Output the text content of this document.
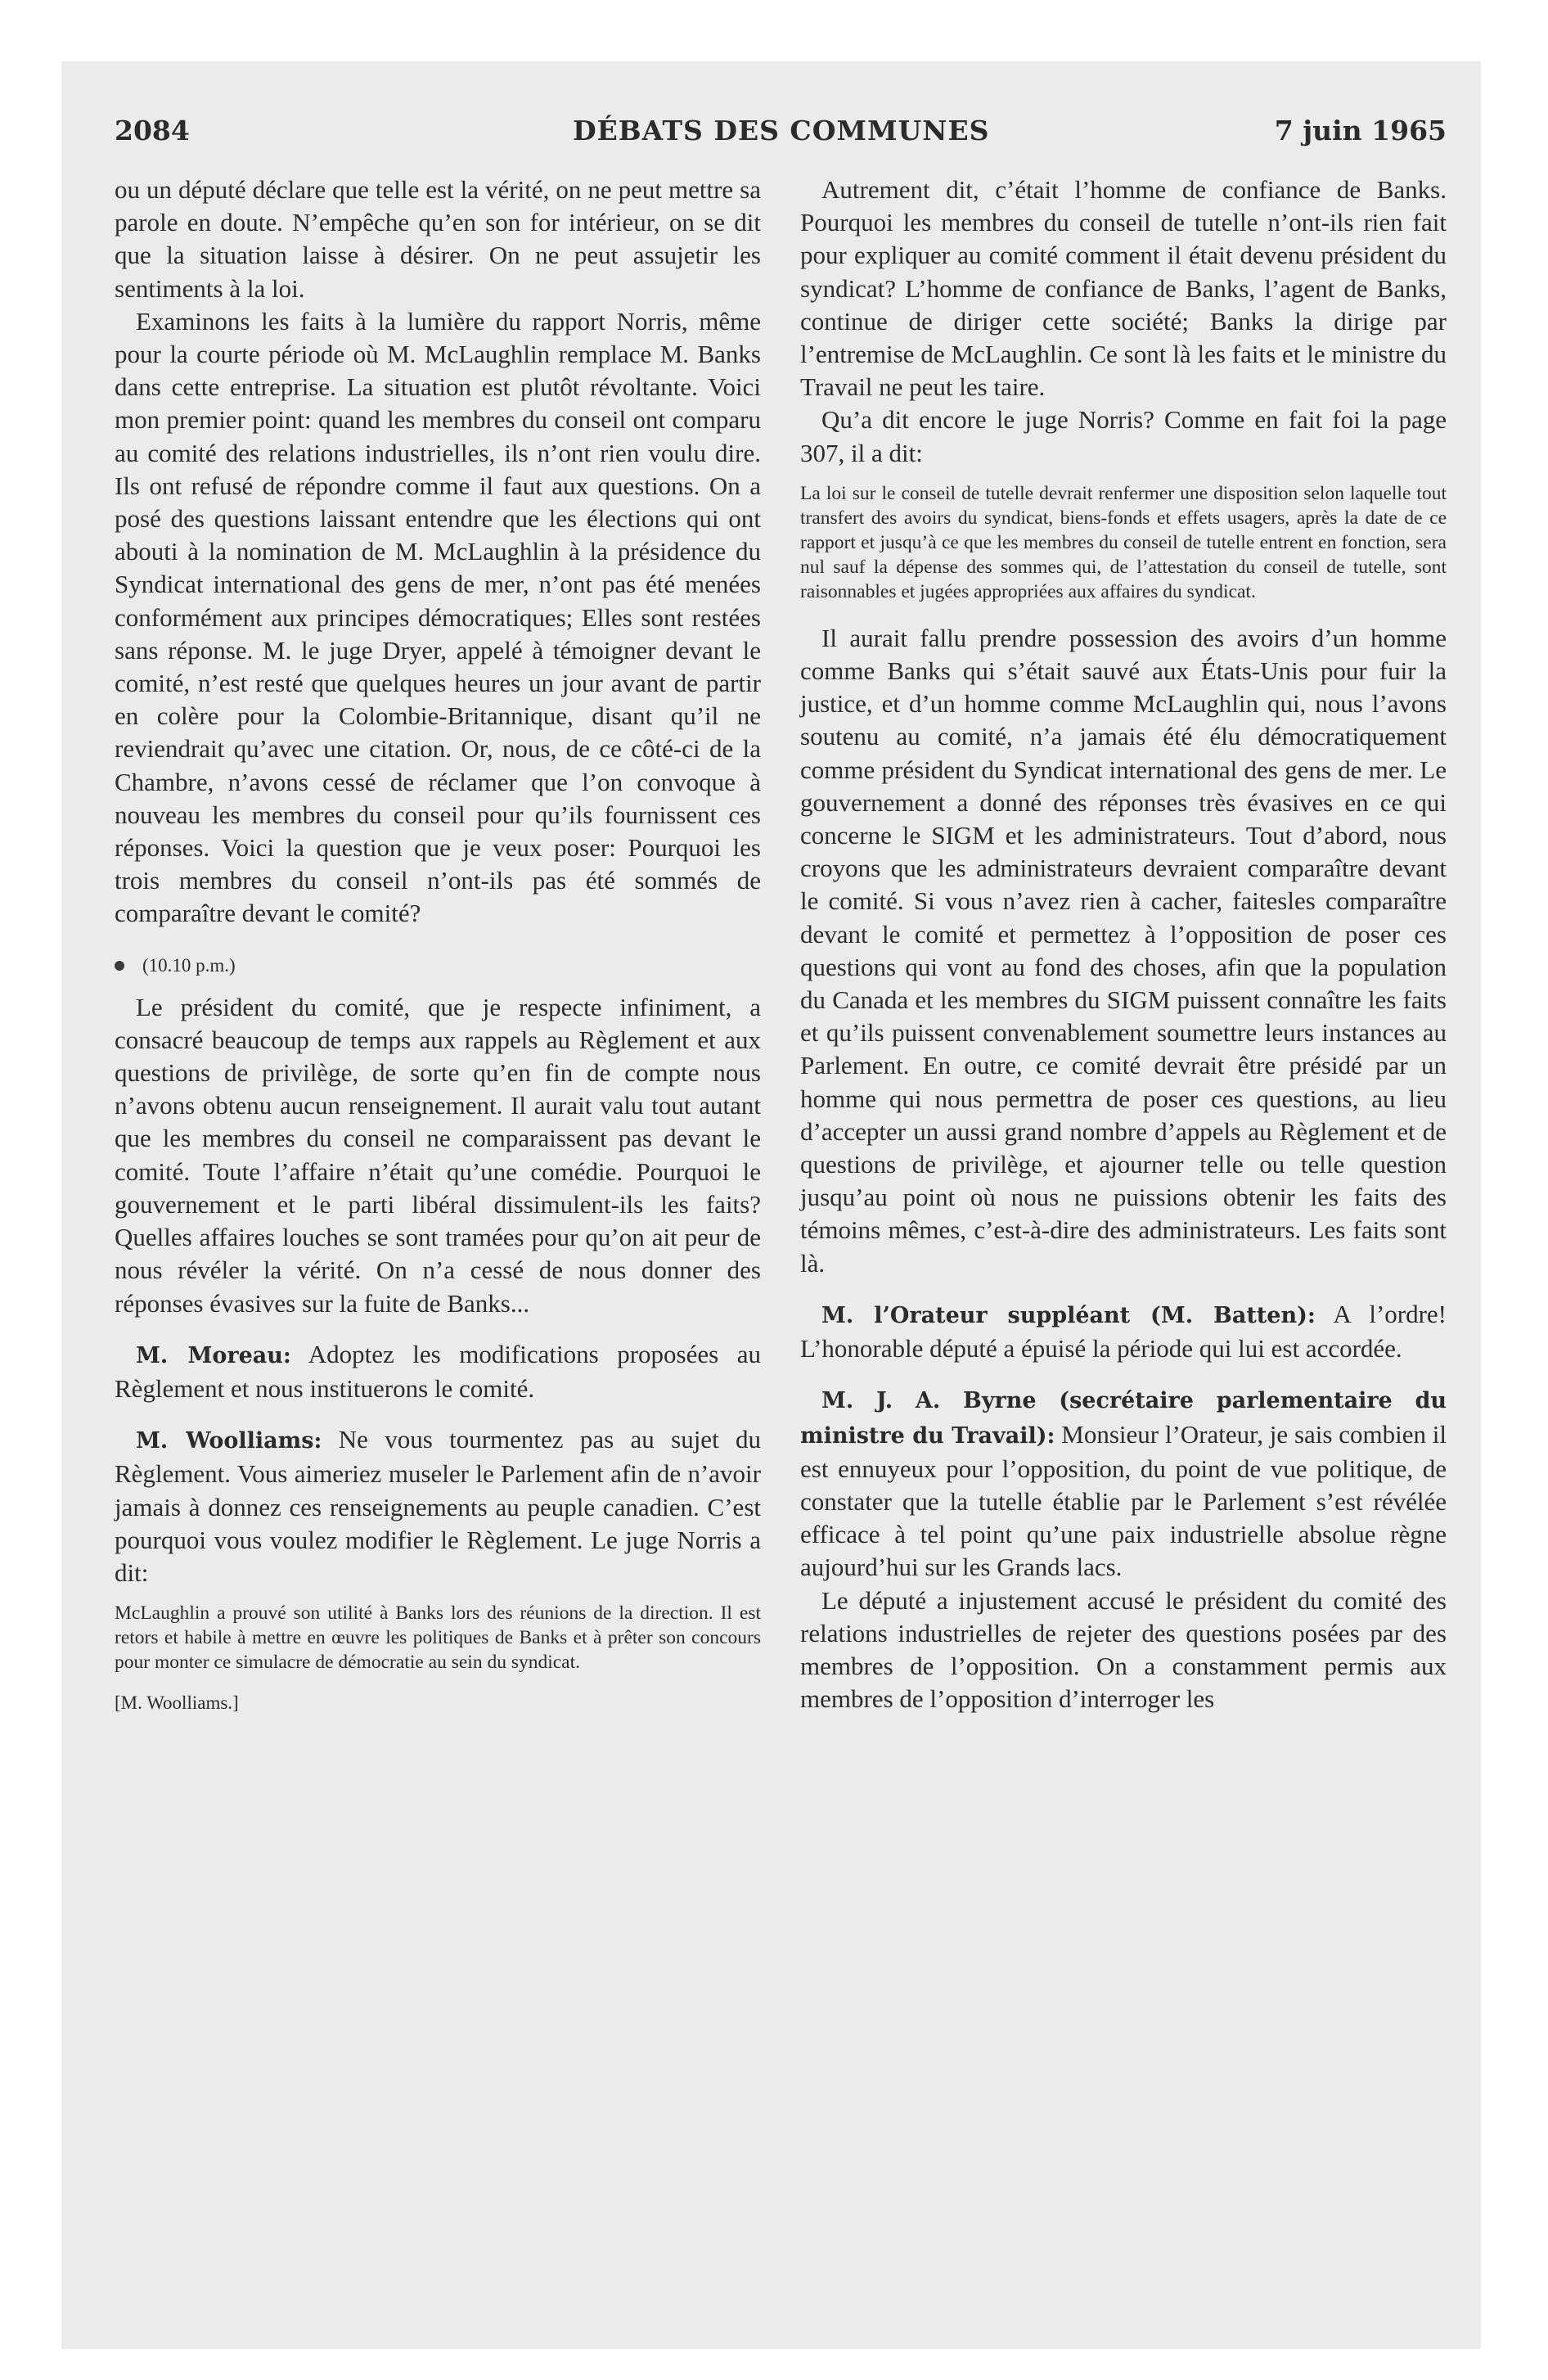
2084	DÉBATS DES COMMUNES	7 juin 1965

ou un député déclare que telle est la vérité, on ne peut mettre sa parole en doute. N’empêche qu’en son for intérieur, on se dit que la situation laisse à désirer. On ne peut assujetir les sentiments à la loi.

Examinons les faits à la lumière du rapport Norris, même pour la courte période où M. McLaughlin remplace M. Banks dans cette entreprise. La situation est plutôt révoltante. Voici mon premier point: quand les membres du conseil ont comparu au comité des relations industrielles, ils n’ont rien voulu dire. Ils ont refusé de répondre comme il faut aux questions. On a posé des questions laissant entendre que les élections qui ont abouti à la nomination de M. McLaughlin à la présidence du Syndicat international des gens de mer, n’ont pas été menées conformément aux principes démocratiques; Elles sont restées sans réponse. M. le juge Dryer, appelé à témoigner devant le comité, n’est resté que quelques heures un jour avant de partir en colère pour la Colombie-Britannique, disant qu’il ne reviendrait qu’avec une citation. Or, nous, de ce côté-ci de la Chambre, n’avons cessé de réclamer que l’on convoque à nouveau les membres du conseil pour qu’ils fournissent ces réponses. Voici la question que je veux poser: Pourquoi les trois membres du conseil n’ont-ils pas été sommés de comparaître devant le comité?

(10.10 p.m.)

Le président du comité, que je respecte infiniment, a consacré beaucoup de temps aux rappels au Règlement et aux questions de privilège, de sorte qu’en fin de compte nous n’avons obtenu aucun renseignement. Il aurait valu tout autant que les membres du conseil ne comparaissent pas devant le comité. Toute l’affaire n’était qu’une comédie. Pourquoi le gouvernement et le parti libéral dissimulent-ils les faits? Quelles affaires louches se sont tramées pour qu’on ait peur de nous révéler la vérité. On n’a cessé de nous donner des réponses évasives sur la fuite de Banks...

M. Moreau: Adoptez les modifications proposées au Règlement et nous instituerons le comité.

M. Woolliams: Ne vous tourmentez pas au sujet du Règlement. Vous aimeriez museler le Parlement afin de n’avoir jamais à donnez ces renseignements au peuple canadien. C’est pourquoi vous voulez modifier le Règlement. Le juge Norris a dit:

McLaughlin a prouvé son utilité à Banks lors des réunions de la direction. Il est retors et habile à mettre en œuvre les politiques de Banks et à prêter son concours pour monter ce simulacre de démocratie au sein du syndicat.
[M. Woolliams.]

Autrement dit, c’était l’homme de confiance de Banks. Pourquoi les membres du conseil de tutelle n’ont-ils rien fait pour expliquer au comité comment il était devenu président du syndicat? L’homme de confiance de Banks, l’agent de Banks, continue de diriger cette société; Banks la dirige par l’entremise de McLaughlin. Ce sont là les faits et le ministre du Travail ne peut les taire.

Qu’a dit encore le juge Norris? Comme en fait foi la page 307, il a dit:

La loi sur le conseil de tutelle devrait renfermer une disposition selon laquelle tout transfert des avoirs du syndicat, biens-fonds et effets usagers, après la date de ce rapport et jusqu’à ce que les membres du conseil de tutelle entrent en fonction, sera nul sauf la dépense des sommes qui, de l’attestation du conseil de tutelle, sont raisonnables et jugées appropriées aux affaires du syndicat.

Il aurait fallu prendre possession des avoirs d’un homme comme Banks qui s’était sauvé aux États-Unis pour fuir la justice, et d’un homme comme McLaughlin qui, nous l’avons soutenu au comité, n’a jamais été élu démocratiquement comme président du Syndicat international des gens de mer. Le gouvernement a donné des réponses très évasives en ce qui concerne le SIGM et les administrateurs. Tout d’abord, nous croyons que les administrateurs devraient comparaître devant le comité. Si vous n’avez rien à cacher, faitesles comparaître devant le comité et permettez à l’opposition de poser ces questions qui vont au fond des choses, afin que la population du Canada et les membres du SIGM puissent connaître les faits et qu’ils puissent convenablement soumettre leurs instances au Parlement. En outre, ce comité devrait être présidé par un homme qui nous permettra de poser ces questions, au lieu d’accepter un aussi grand nombre d’appels au Règlement et de questions de privilège, et ajourner telle ou telle question jusqu’au point où nous ne puissions obtenir les faits des témoins mêmes, c’est-à-dire des administrateurs. Les faits sont là.

M. l’Orateur suppléant (M. Batten): A l’ordre! L’honorable député a épuisé la période qui lui est accordée.

M. J. A. Byrne (secrétaire parlementaire du ministre du Travail): Monsieur l’Orateur, je sais combien il est ennuyeux pour l’opposition, du point de vue politique, de constater que la tutelle établie par le Parlement s’est révélée efficace à tel point qu’une paix industrielle absolue règne aujourd’hui sur les Grands lacs.

Le député a injustement accusé le président du comité des relations industrielles de rejeter des questions posées par des membres de l’opposition. On a constamment permis aux membres de l’opposition d’interroger les
